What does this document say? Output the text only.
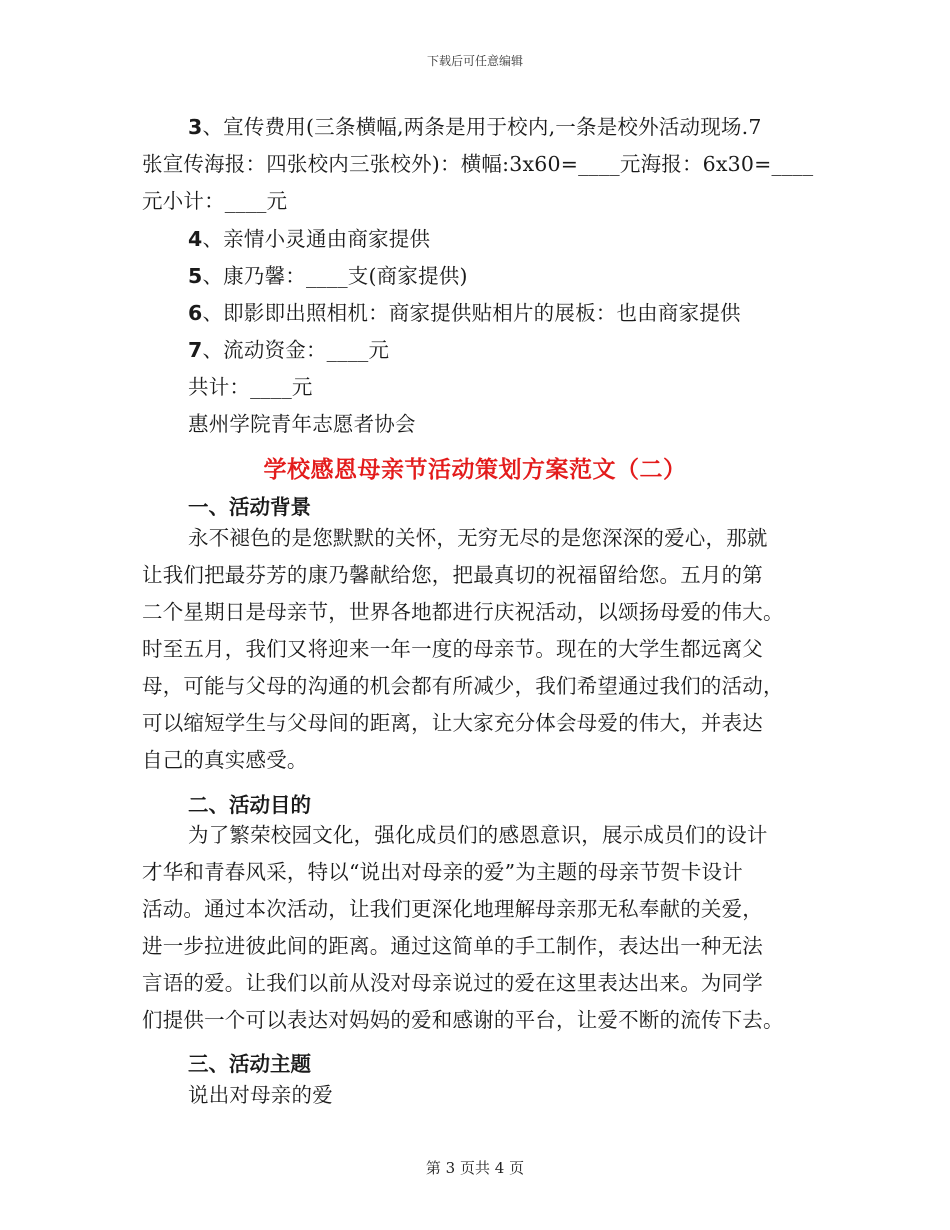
下载后可任意编辑
3、宣传费用(三条横幅,两条是用于校内,一条是校外活动现场.7
张宣传海报：四张校内三张校外)：横幅:3x60=____元海报：6x30=____
元小计：____元
4、亲情小灵通由商家提供
5、康乃馨：____支(商家提供)
6、即影即出照相机：商家提供贴相片的展板：也由商家提供
7、流动资金：____元
共计：____元
惠州学院青年志愿者协会
学校感恩母亲节活动策划方案范文（二）
一、活动背景
永不褪色的是您默默的关怀，无穷无尽的是您深深的爱心，那就
让我们把最芬芳的康乃馨献给您，把最真切的祝福留给您。五月的第
二个星期日是母亲节，世界各地都进行庆祝活动，以颂扬母爱的伟大。
时至五月，我们又将迎来一年一度的母亲节。现在的大学生都远离父
母，可能与父母的沟通的机会都有所减少，我们希望通过我们的活动，
可以缩短学生与父母间的距离，让大家充分体会母爱的伟大，并表达
自己的真实感受。
二、活动目的
为了繁荣校园文化，强化成员们的感恩意识，展示成员们的设计
才华和青春风采，特以“说出对母亲的爱”为主题的母亲节贺卡设计
活动。通过本次活动，让我们更深化地理解母亲那无私奉献的关爱，
进一步拉进彼此间的距离。通过这简单的手工制作，表达出一种无法
言语的爱。让我们以前从没对母亲说过的爱在这里表达出来。为同学
们提供一个可以表达对妈妈的爱和感谢的平台，让爱不断的流传下去。
三、活动主题
说出对母亲的爱
第 3 页共 4 页
